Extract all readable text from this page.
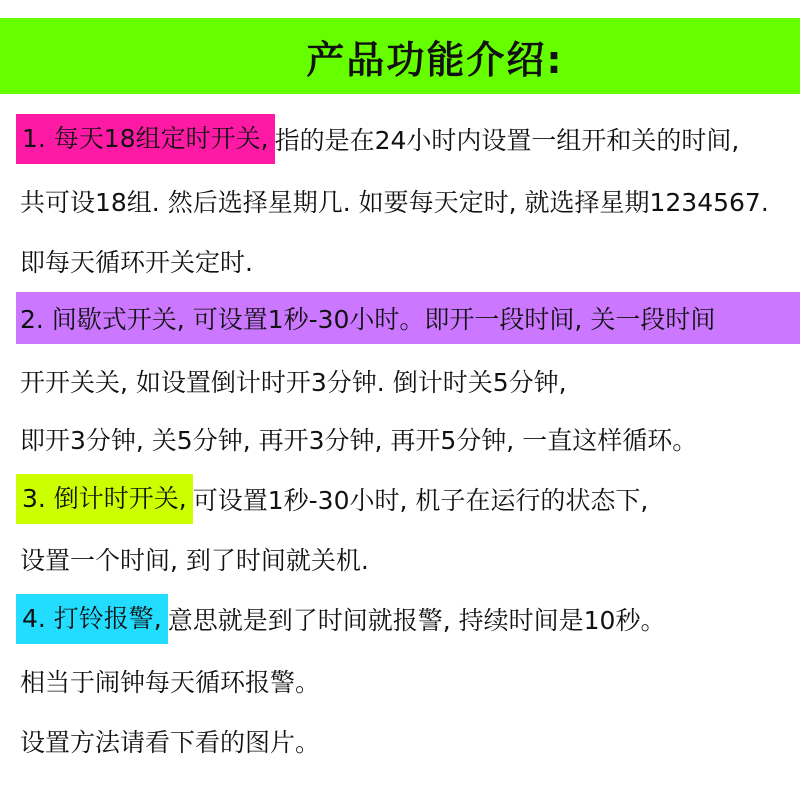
产品功能介绍:
1. 每天18组定时开关, 指的是在24小时内设置一组开和关的时间,
共可设18组. 然后选择星期几. 如要每天定时, 就选择星期1234567.
即每天循环开关定时.
2. 间歇式开关, 可设置1秒-30小时。即开一段时间, 关一段时间
开开关关, 如设置倒计时开3分钟. 倒计时关5分钟,
即开3分钟, 关5分钟, 再开3分钟, 再开5分钟, 一直这样循环。
3. 倒计时开关, 可设置1秒-30小时, 机子在运行的状态下,
设置一个时间, 到了时间就关机.
4. 打铃报警, 意思就是到了时间就报警, 持续时间是10秒。
相当于闹钟每天循环报警。
设置方法请看下看的图片。
